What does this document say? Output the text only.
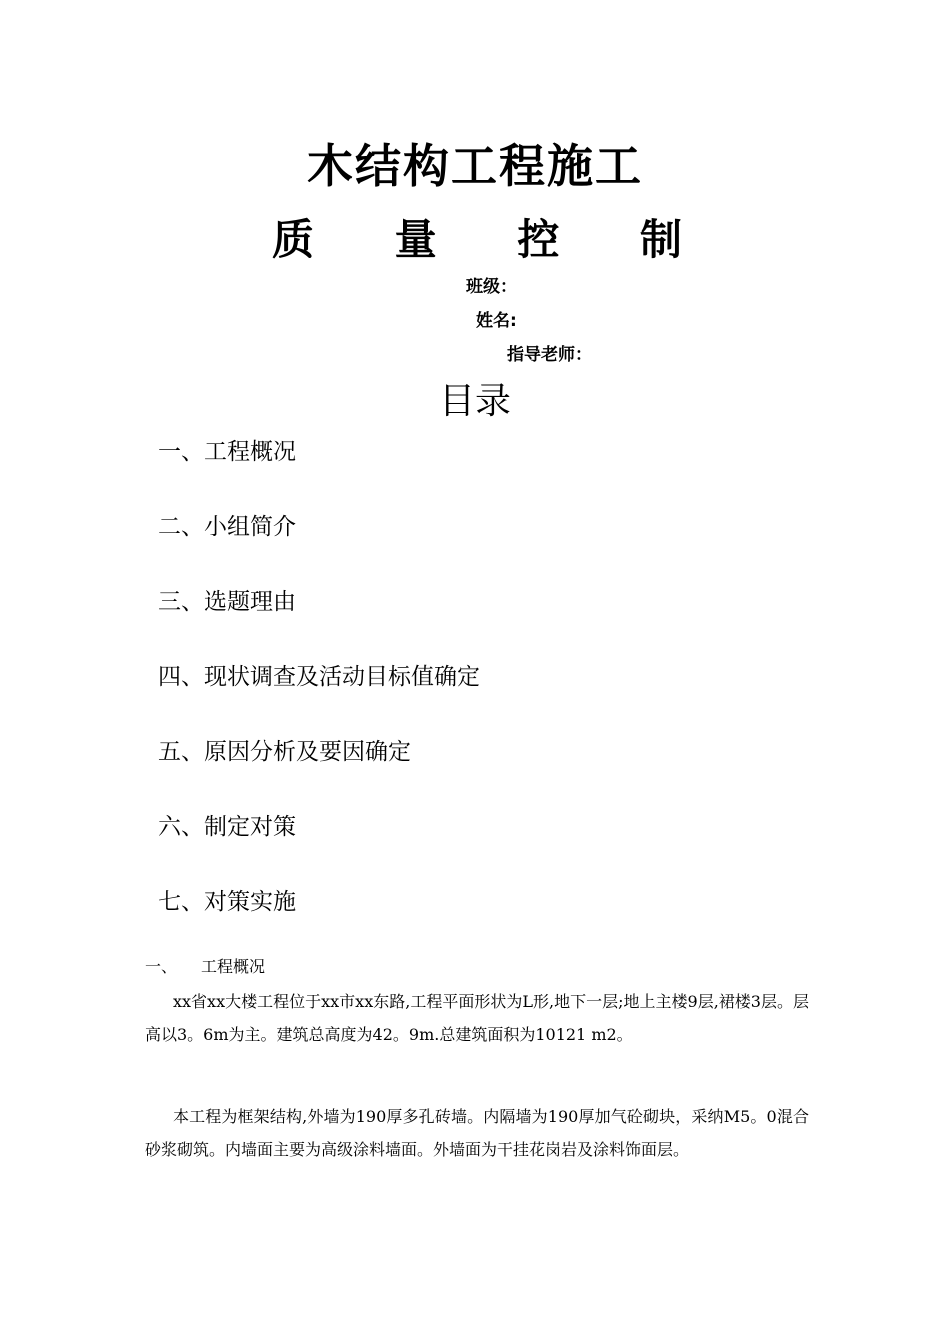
木结构工程施工
质 量 控 制
班级：
姓名:
指导老师：
目录
一、工程概况
二、小组简介
三、选题理由
四、现状调查及活动目标值确定
五、原因分析及要因确定
六、制定对策
七、对策实施
一、 工程概况

xx省xx大楼工程位于xx市xx东路,工程平面形状为L形,地下一层;地上主楼9层,裙楼3层。层高以3。6m为主。建筑总高度为42。9m.总建筑面积为10121 m2。

本工程为框架结构,外墙为190厚多孔砖墙。内隔墙为190厚加气砼砌块，采纳M5。0混合砂浆砌筑。内墙面主要为高级涂料墙面。外墙面为干挂花岗岩及涂料饰面层。
